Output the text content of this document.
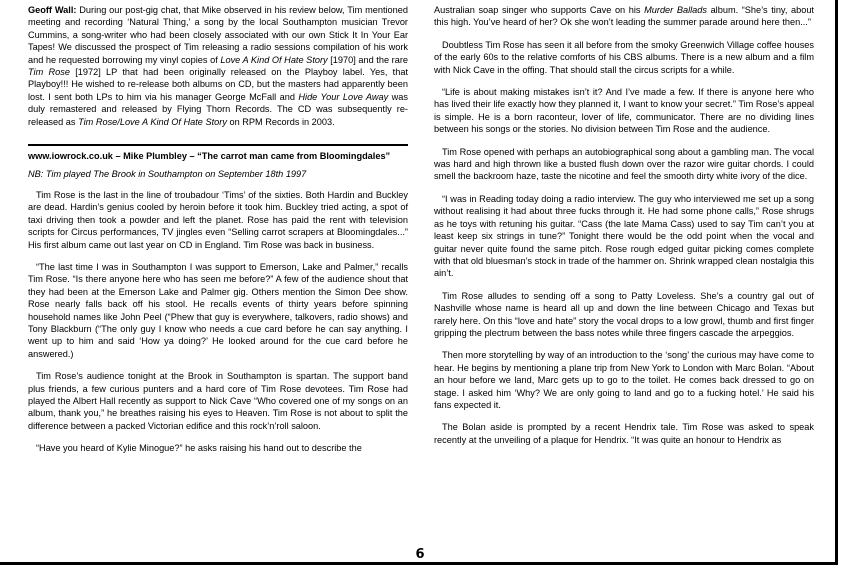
Geoff Wall: During our post-gig chat, that Mike observed in his review below, Tim mentioned meeting and recording ‘Natural Thing,’ a song by the local Southampton musician Trevor Cummins, a song-writer who had been closely associated with our own Stick It In Your Ear Tapes! We discussed the prospect of Tim releasing a radio sessions compilation of his work and he requested borrowing my vinyl copies of Love A Kind Of Hate Story [1970] and the rare Tim Rose [1972] LP that had been originally released on the Playboy label. Yes, that Playboy!!! He wished to re-release both albums on CD, but the masters had apparently been lost. I sent both LPs to him via his manager George McFall and Hide Your Love Away was duly remastered and released by Flying Thorn Records. The CD was subsequently re-released as Tim Rose/Love A Kind Of Hate Story on RPM Records in 2003.

www.iowrock.co.uk – Mike Plumbley – “The carrot man came from Bloomingdales”

NB: Tim played The Brook in Southampton on September 18th 1997

Tim Rose is the last in the line of troubadour ‘Tims’ of the sixties. Both Hardin and Buckley are dead. Hardin’s genius cooled by heroin before it took him. Buckley tried acting, a spot of taxi driving then took a powder and left the planet. Rose has paid the rent with television scripts for Circus performances, TV jingles even “Selling carrot scrapers at Bloomingdales...” His first album came out last year on CD in England. Tim Rose was back in business.

“The last time I was in Southampton I was support to Emerson, Lake and Palmer,” recalls Tim Rose. “Is there anyone here who has seen me before?” A few of the audience shout that they had been at the Emerson Lake and Palmer gig. Others mention the Simon Dee show. Rose nearly falls back off his stool. He recalls events of thirty years before spinning household names like John Peel (“Phew that guy is everywhere, talkovers, radio shows) and Tony Blackburn (“The only guy I know who needs a cue card before he can say anything. I went up to him and said ‘How ya doing?’ He looked around for the cue card before he answered.)

Tim Rose’s audience tonight at the Brook in Southampton is spartan. The support band plus friends, a few curious punters and a hard core of Tim Rose devotees. Tim Rose had played the Albert Hall recently as support to Nick Cave “Who covered one of my songs on an album, thank you,” he breathes raising his eyes to Heaven. Tim Rose is not about to split the difference between a packed Victorian edifice and this rock’n’roll saloon.

“Have you heard of Kylie Minogue?” he asks raising his hand out to describe the

Australian soap singer who supports Cave on his Murder Ballads album. “She’s tiny, about this high. You’ve heard of her? Ok she won’t leading the summer parade around here then...”

Doubtless Tim Rose has seen it all before from the smoky Greenwich Village coffee houses of the early 60s to the relative comforts of his CBS albums. There is a new album and a film with Nick Cave in the offing. That should stall the circus scripts for a while.

“Life is about making mistakes isn’t it? And I’ve made a few. If there is anyone here who has lived their life exactly how they planned it, I want to know your secret.” Tim Rose’s appeal is simple. He is a born raconteur, lover of life, communicator. There are no dividing lines between his songs or the stories. No division between Tim Rose and the audience.

Tim Rose opened with perhaps an autobiographical song about a gambling man. The vocal was hard and high thrown like a busted flush down over the razor wire guitar chords. I could smell the backroom haze, taste the nicotine and feel the smooth dirty white ivory of the dice.

“I was in Reading today doing a radio interview. The guy who interviewed me set up a song without realising it had about three fucks through it. He had some phone calls,” Rose shrugs as he toys with retuning his guitar. “Cass (the late Mama Cass) used to say Tim can’t you at least keep six strings in tune?” Tonight there would be the odd point when the vocal and guitar never quite found the same pitch. Rose rough edged guitar picking comes complete with that old bluesman’s stock in trade of the hammer on. Shrink wrapped clean nostalgia this ain’t.

Tim Rose alludes to sending off a song to Patty Loveless. She’s a country gal out of Nashville whose name is heard all up and down the line between Chicago and Texas but rarely here. On this “love and hate” story the vocal drops to a low growl, thumb and first finger gripping the plectrum between the bass notes while three fingers cascade the arpeggios.

Then more storytelling by way of an introduction to the ‘song’ the curious may have come to hear. He begins by mentioning a plane trip from New York to London with Marc Bolan. “About an hour before we land, Marc gets up to go to the toilet. He comes back dressed to go on stage. I asked him ‘Why? We are only going to land and go to a fucking hotel.’ He said his fans expected it.

The Bolan aside is prompted by a recent Hendrix tale. Tim Rose was asked to speak recently at the unveiling of a plaque for Hendrix. “It was quite an honour to Hendrix as

6
